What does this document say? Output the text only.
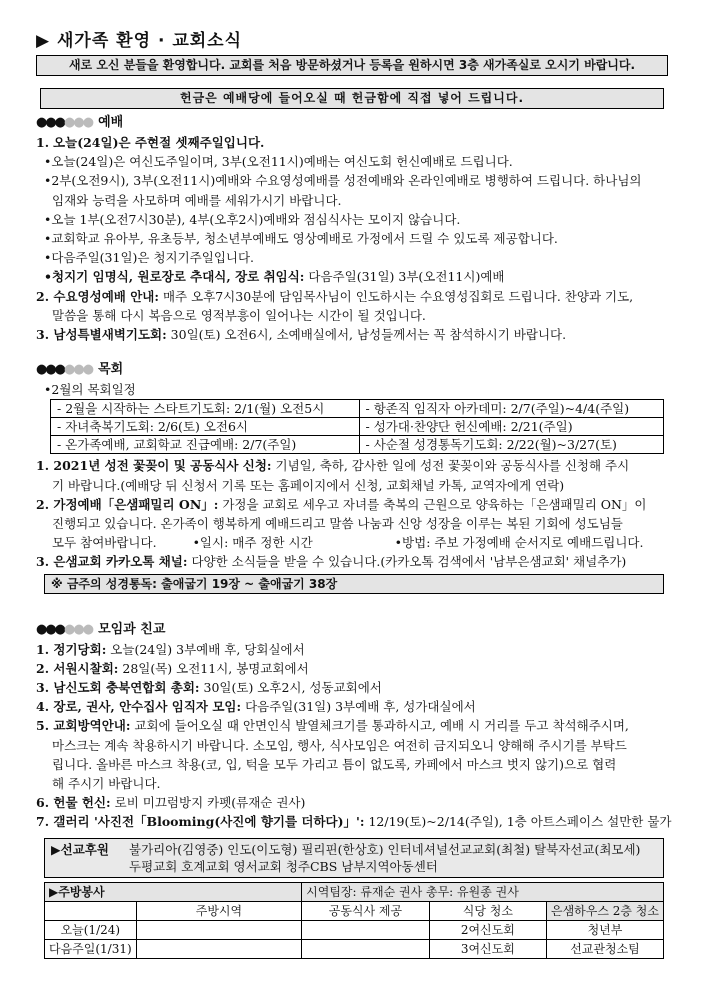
▶ 새가족 환영 · 교회소식
새로 오신 분들을 환영합니다. 교회를 처음 방문하셨거나 등록을 원하시면 3층 새가족실로 오시기 바랍니다.
헌금은 예배당에 들어오실 때 헌금함에 직접 넣어 드립니다.
●●●●●● 예배
1. 오늘(24일)은 주현절 셋째주일입니다.
•오늘(24일)은 여신도주일이며, 3부(오전11시)예배는 여신도회 헌신예배로 드립니다.
•2부(오전9시), 3부(오전11시)예배와 수요영성예배를 성전예배와 온라인예배로 병행하여 드립니다. 하나님의
임재와 능력을 사모하며 예배를 세워가시기 바랍니다.
•오늘 1부(오전7시30분), 4부(오후2시)예배와 점심식사는 모이지 않습니다.
•교회학교 유아부, 유초등부, 청소년부예배도 영상예배로 가정에서 드릴 수 있도록 제공합니다.
•다음주일(31일)은 청지기주일입니다.
•청지기 임명식, 원로장로 추대식, 장로 취임식: 다음주일(31일) 3부(오전11시)예배
2. 수요영성예배 안내: 매주 오후7시30분에 담임목사님이 인도하시는 수요영성집회로 드립니다. 찬양과 기도,
말씀을 통해 다시 복음으로 영적부흥이 일어나는 시간이 될 것입니다.
3. 남성특별새벽기도회: 30일(토) 오전6시, 소예배실에서, 남성들께서는 꼭 참석하시기 바랍니다.
●●●●●● 목회
•2월의 목회일정
- 2월을 시작하는 스타트기도회: 2/1(월) 오전5시	- 항존직 임직자 아카데미: 2/7(주일)~4/4(주일)
- 자녀축복기도회: 2/6(토) 오전6시	- 성가대·찬양단 헌신예배: 2/21(주일)
- 온가족예배, 교회학교 진급예배: 2/7(주일)	- 사순절 성경통독기도회: 2/22(월)~3/27(토)
1. 2021년 성전 꽃꽂이 및 공동식사 신청: 기념일, 축하, 감사한 일에 성전 꽃꽂이와 공동식사를 신청해 주시
기 바랍니다.(예배당 뒤 신청서 기록 또는 홈페이지에서 신청, 교회채널 카톡, 교역자에게 연락)
2. 가정예배「은샘패밀리 ON」: 가정을 교회로 세우고 자녀를 축복의 근원으로 양육하는「은샘패밀리 ON」이
진행되고 있습니다. 온가족이 행복하게 예배드리고 말씀 나눔과 신앙 성장을 이루는 복된 기회에 성도님들
모두 참여바랍니다.	•일시: 매주 정한 시간	•방법: 주보 가정예배 순서지로 예배드립니다.
3. 은샘교회 카카오톡 채널: 다양한 소식들을 받을 수 있습니다.(카카오톡 검색에서 '남부은샘교회' 채널추가)
※ 금주의 성경통독: 출애굽기 19장 ~ 출애굽기 38장
●●●●●● 모임과 친교
1. 정기당회: 오늘(24일) 3부예배 후, 당회실에서
2. 서원시찰회: 28일(목) 오전11시, 봉명교회에서
3. 남신도회 충북연합회 총회: 30일(토) 오후2시, 성동교회에서
4. 장로, 권사, 안수집사 임직자 모임: 다음주일(31일) 3부예배 후, 성가대실에서
5. 교회방역안내: 교회에 들어오실 때 안면인식 발열체크기를 통과하시고, 예배 시 거리를 두고 착석해주시며,
마스크는 계속 착용하시기 바랍니다. 소모임, 행사, 식사모임은 여전히 금지되오니 양해해 주시기를 부탁드
립니다. 올바른 마스크 착용(코, 입, 턱을 모두 가리고 틈이 없도록, 카페에서 마스크 벗지 않기)으로 협력
해 주시기 바랍니다.
6. 헌물 헌신: 로비 미끄럼방지 카펫(류재순 권사)
7. 갤러리 '사진전「Blooming(사진에 향기를 더하다)」': 12/19(토)~2/14(주일), 1층 아트스페이스 설만한 물가
▶선교후원 불가리아(김영중) 인도(이도형) 필리핀(한상호) 인터네셔널선교교회(최철) 탈북자선교(최모세)
두평교회 호계교회 영서교회 청주CBS 남부지역아동센터
▶주방봉사		시역팀장: 류재순 권사 총무: 유원종 권사		
	주방시역	공동식사 제공	식당 청소	은샘하우스 2층 청소
오늘(1/24)			2여신도회	청년부
다음주일(1/31)			3여신도회	선교관청소팀
